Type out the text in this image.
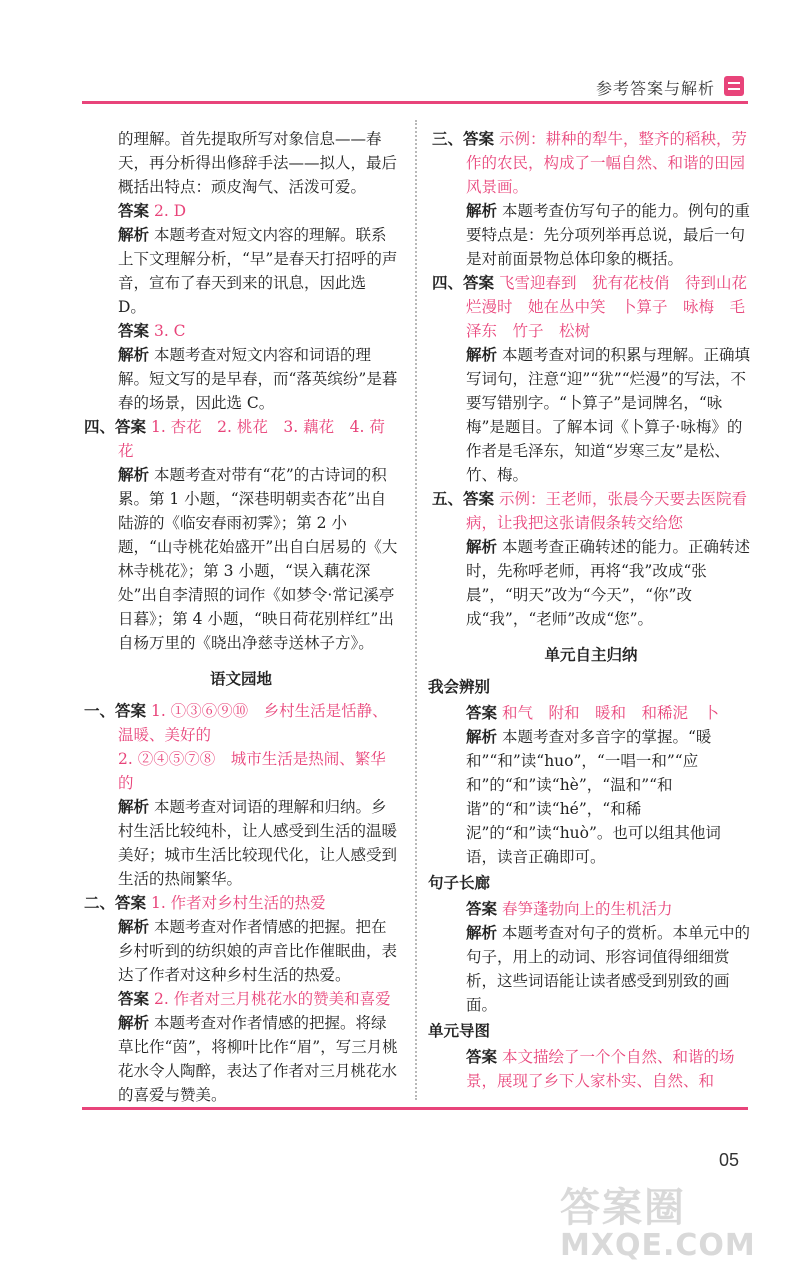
参考答案与解析

的理解。首先提取所写对象信息——春天，再分析得出修辞手法——拟人，最后概括出特点：顽皮淘气、活泼可爱。

答案 2. D

解析 本题考查对短文内容的理解。联系上下文理解分析，“早”是春天打招呼的声音，宣布了春天到来的讯息，因此选 D。

答案 3. C

解析 本题考查对短文内容和词语的理解。短文写的是早春，而“落英缤纷”是暮春的场景，因此选 C。

四、答案 1. 杏花　2. 桃花　3. 藕花　4. 荷花

解析 本题考查对带有“花”的古诗词的积累。第 1 小题，“深巷明朝卖杏花”出自陆游的《临安春雨初霁》；第 2 小题，“山寺桃花始盛开”出自白居易的《大林寺桃花》；第 3 小题，“误入藕花深处”出自李清照的词作《如梦令·常记溪亭日暮》；第 4 小题，“映日荷花别样红”出自杨万里的《晓出净慈寺送林子方》。

语文园地

一、答案 1. ①③⑥⑨⑩　乡村生活是恬静、温暖、美好的

2. ②④⑤⑦⑧　城市生活是热闹、繁华的

解析 本题考查对词语的理解和归纳。乡村生活比较纯朴，让人感受到生活的温暖美好；城市生活比较现代化，让人感受到生活的热闹繁华。

二、答案 1. 作者对乡村生活的热爱

解析 本题考查对作者情感的把握。把在乡村听到的纺织娘的声音比作催眠曲，表达了作者对这种乡村生活的热爱。

答案 2. 作者对三月桃花水的赞美和喜爱

解析 本题考查对作者情感的把握。将绿草比作“茵”，将柳叶比作“眉”，写三月桃花水令人陶醉，表达了作者对三月桃花水的喜爱与赞美。

三、答案 示例：耕种的犁牛，整齐的稻秧，劳作的农民，构成了一幅自然、和谐的田园风景画。

解析 本题考查仿写句子的能力。例句的重要特点是：先分项列举再总说，最后一句是对前面景物总体印象的概括。

四、答案 飞雪迎春到　犹有花枝俏　待到山花烂漫时　她在丛中笑　卜算子　咏梅　毛泽东　竹子　松树

解析 本题考查对词的积累与理解。正确填写词句，注意“迎”“犹”“烂漫”的写法，不要写错别字。“卜算子”是词牌名，“咏梅”是题目。了解本词《卜算子·咏梅》的作者是毛泽东，知道“岁寒三友”是松、竹、梅。

五、答案 示例：王老师，张晨今天要去医院看病，让我把这张请假条转交给您

解析 本题考查正确转述的能力。正确转述时，先称呼老师，再将“我”改成“张晨”，“明天”改为“今天”，“你”改成“我”，“老师”改成“您”。

单元自主归纳

我会辨别

答案 和气　附和　暖和　和稀泥　卜

解析 本题考查对多音字的掌握。“暖和”“和”读“huo”，“一唱一和”“应和”的“和”读“hè”，“温和”“和谐”的“和”读“hé”，“和稀泥”的“和”读“huò”。也可以组其他词语，读音正确即可。

句子长廊

答案 春笋蓬勃向上的生机活力

解析 本题考查对句子的赏析。本单元中的句子，用上的动词、形容词值得细细赏析，这些词语能让读者感受到别致的画面。

单元导图

答案 本文描绘了一个个自然、和谐的场景，展现了乡下人家朴实、自然、和

05
答案圈
MXQE.COM
